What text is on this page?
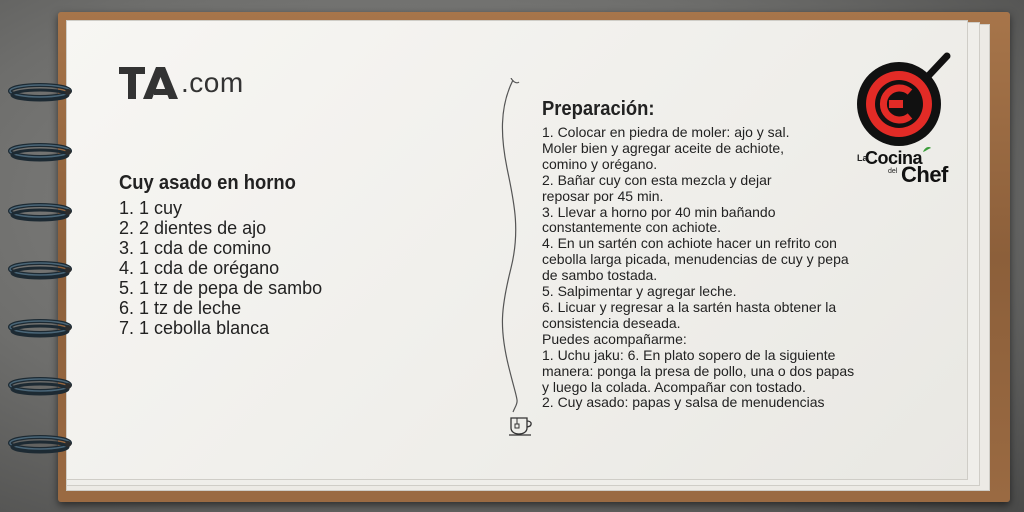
.com
Cuy asado en horno
1. 1 cuy
2. 2 dientes de ajo
3. 1 cda de comino
4. 1 cda de orégano
5. 1 tz de pepa de sambo
6. 1 tz de leche
7. 1 cebolla blanca
Preparación:
1. Colocar en piedra de moler: ajo y sal.
Moler bien y agregar aceite de achiote,
comino y orégano.
2. Bañar cuy con esta mezcla y dejar
reposar por 45 min.
3. Llevar a horno por 40 min bañando
constantemente con achiote.
4. En un sartén con achiote hacer un refrito con
cebolla larga picada, menudencias de cuy y pepa
de sambo tostada.
5. Salpimentar y agregar leche.
6. Licuar y regresar a la sartén hasta obtener la
consistencia deseada.
Puedes acompañarme:
1. Uchu jaku: 6. En plato sopero de la siguiente
manera: ponga la presa de pollo, una o dos papas
y luego la colada. Acompañar con tostado.
2. Cuy asado: papas y salsa de menudencias
La
Cocina
del Chef
